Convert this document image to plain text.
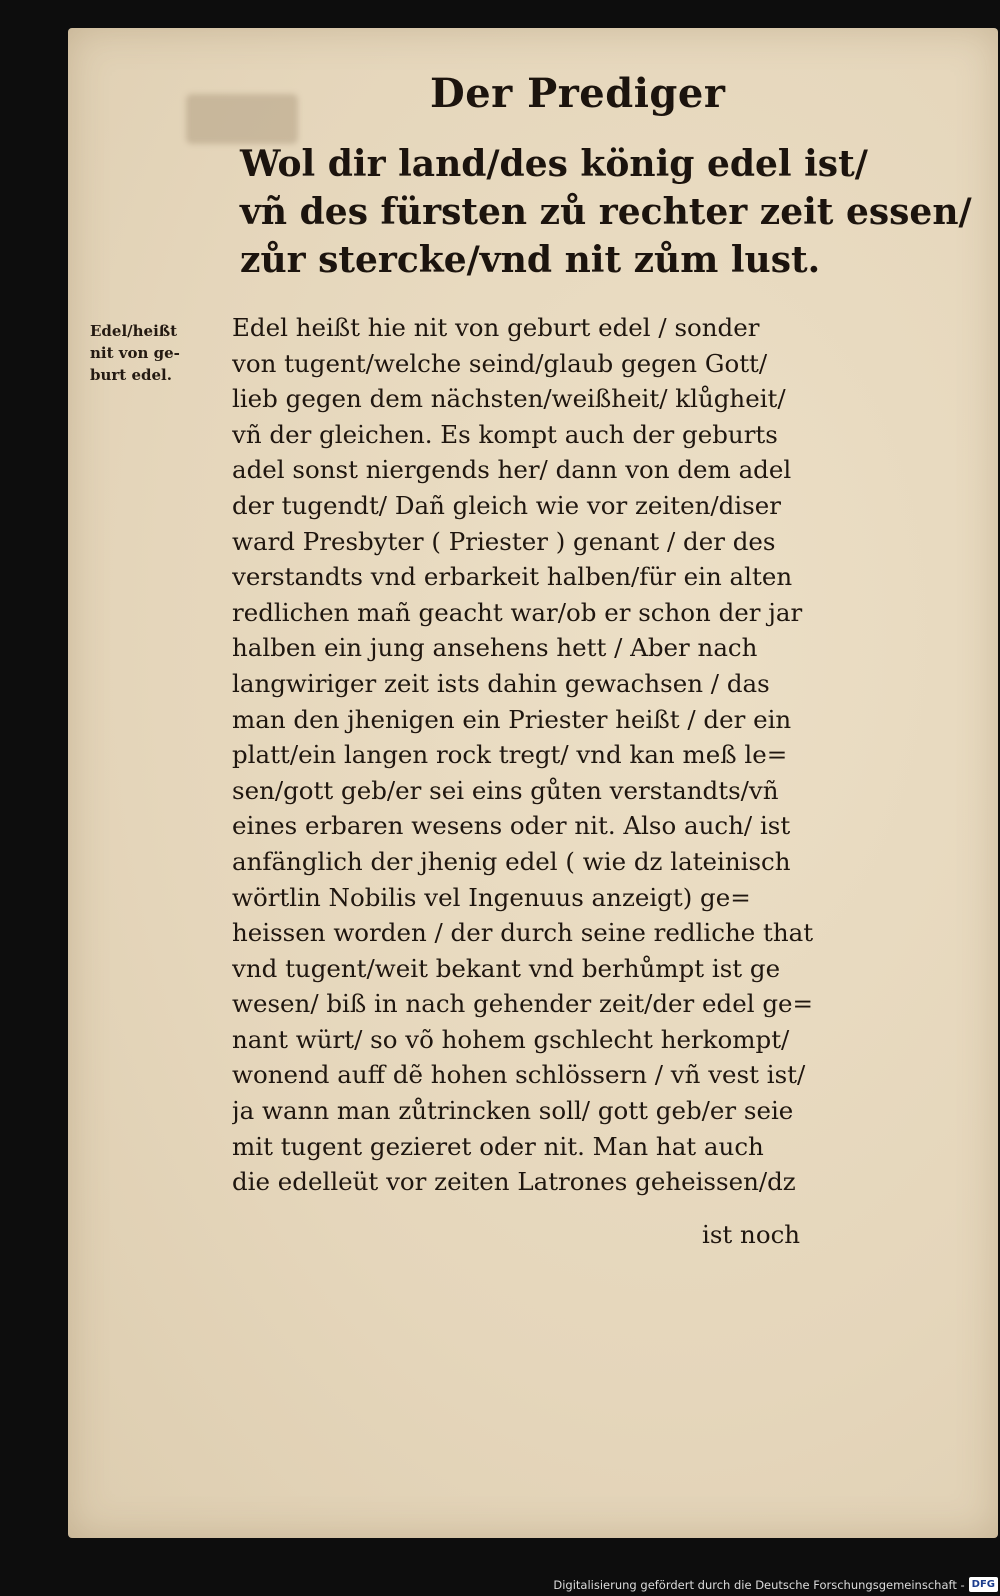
Der Prediger
Wol dir land/des könig edel ist/
vñ des fürsten zů rechter zeit essen/
zůr stercke/vnd nit zům lust.
Edel/heißt
nit von ge-
burt edel.
Edel heißt hie nit von geburt edel / sonder
von tugent/welche seind/glaub gegen Gott/
lieb gegen dem nächsten/weißheit/ klůgheit/
vñ der gleichen. Es kompt auch der geburts
adel sonst niergends her/ dann von dem adel
der tugendt/ Dañ gleich wie vor zeiten/diser
ward Presbyter ( Priester ) genant / der des
verstandts vnd erbarkeit halben/für ein alten
redlichen mañ geacht war/ob er schon der jar
halben ein jung ansehens hett / Aber nach
langwiriger zeit ists dahin gewachsen / das
man den jhenigen ein Priester heißt / der ein
platt/ein langen rock tregt/ vnd kan meß le=
sen/gott geb/er sei eins gůten verstandts/vñ
eines erbaren wesens oder nit. Also auch/ ist
anfänglich der jhenig edel ( wie dz lateinisch
wörtlin Nobilis vel Ingenuus anzeigt) ge=
heissen worden / der durch seine redliche that
vnd tugent/weit bekant vnd berhůmpt ist ge
wesen/ biß in nach gehender zeit/der edel ge=
nant würt/ so võ hohem gschlecht herkompt/
wonend auff dẽ hohen schlössern / vñ vest ist/
ja wann man zůtrincken soll/ gott geb/er seie
mit tugent gezieret oder nit. Man hat auch
die edelleüt vor zeiten Latrones geheissen/dz
ist noch
Digitalisierung gefördert durch die Deutsche Forschungsgemeinschaft - DFG
